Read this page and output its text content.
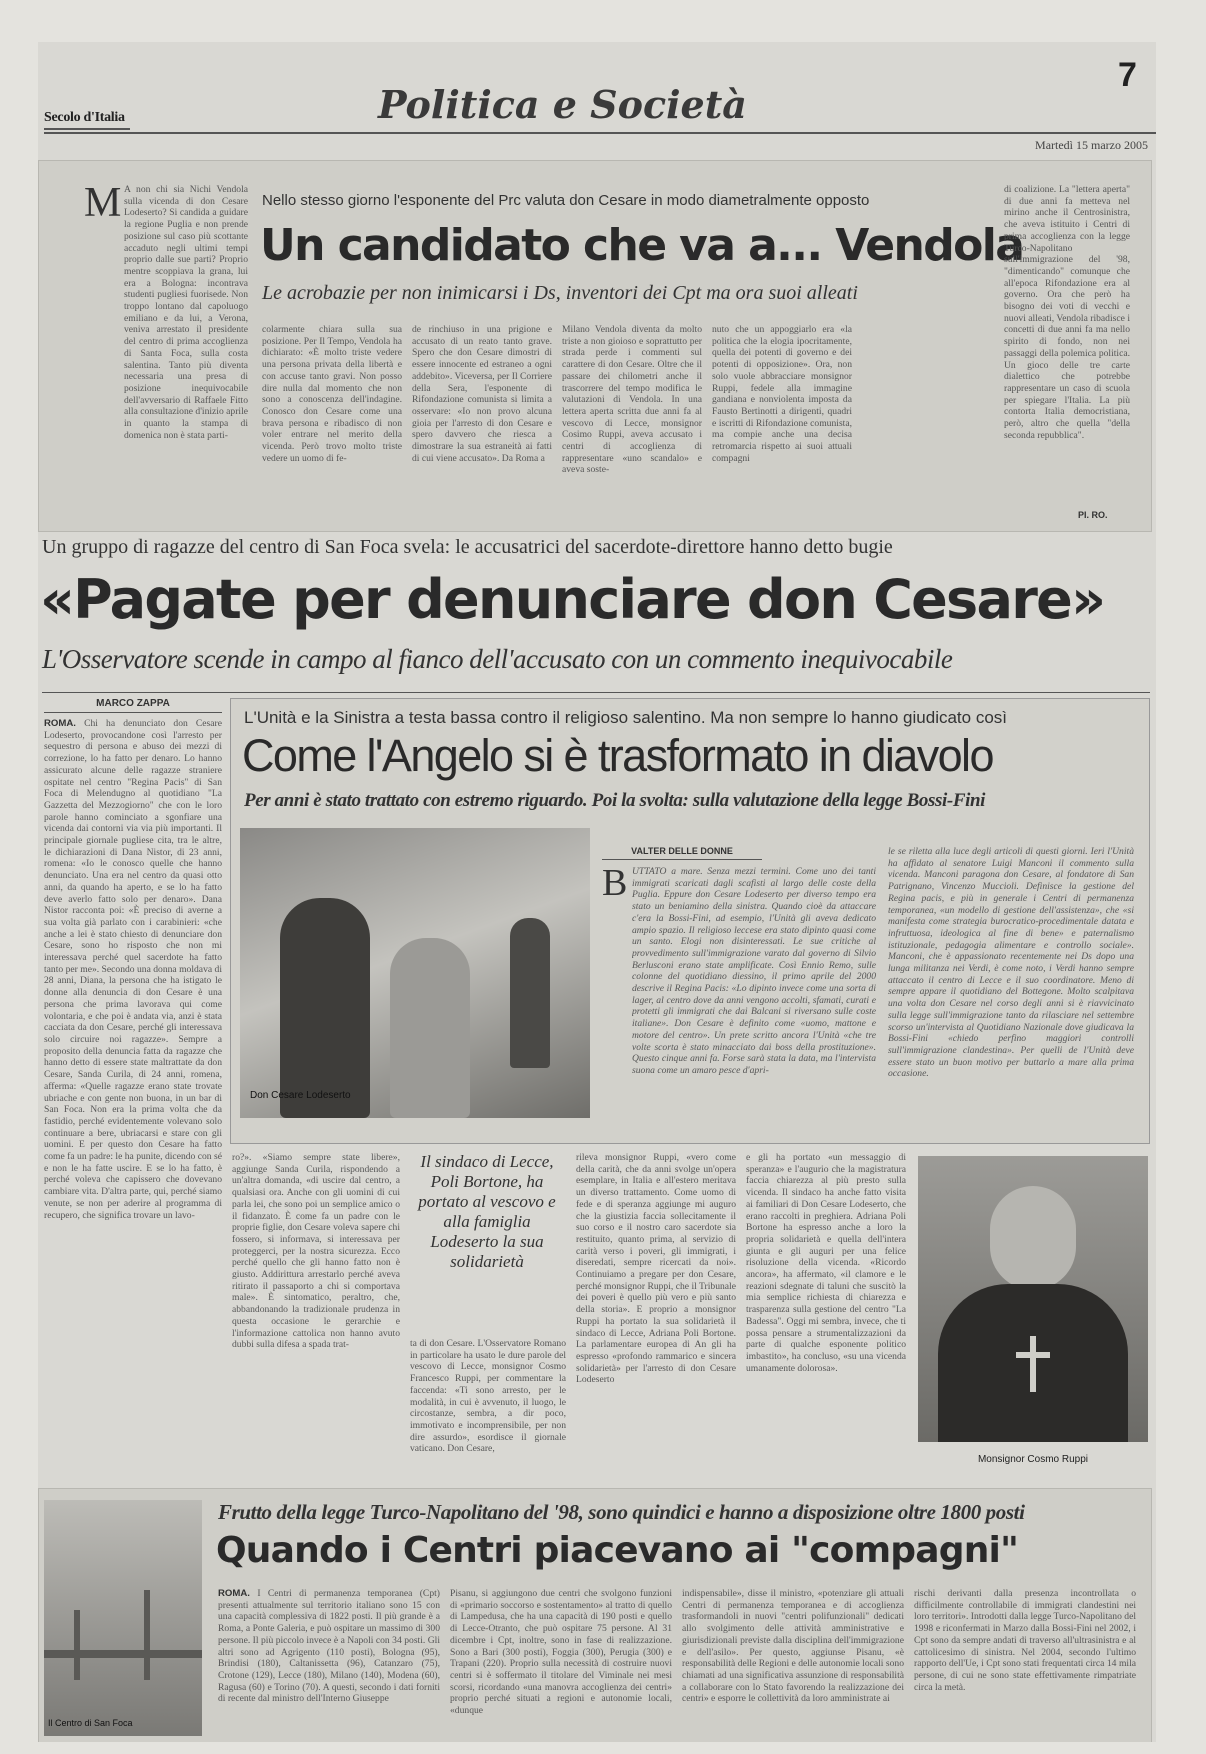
Secolo d'Italia	Politica e Società
7
Martedì 15 marzo 2005
M A non chi sia Nichi Vendola sulla vicenda di don Cesare Lodeserto? Si candida a guidare la regione Puglia e non prende posizione sul caso più scottante accaduto negli ultimi tempi proprio dalle sue parti? Proprio mentre scoppiava la grana, lui era a Bologna: incontrava studenti pugliesi fuorisede. Non troppo lontano dal capoluogo emiliano e da lui, a Verona, veniva arrestato il presidente del centro di prima accoglienza di Santa Foca, sulla costa salentina. Tanto più diventa necessaria una presa di posizione inequivocabile dell'avversario di Raffaele Fitto alla consultazione d'inizio aprile in quanto la stampa di domenica non è stata parti-
Nello stesso giorno l'esponente del Prc valuta don Cesare in modo diametralmente opposto
Un candidato che va a... Vendola
Le acrobazie per non inimicarsi i Ds, inventori dei Cpt ma ora suoi alleati
colarmente chiara sulla sua posizione. Per Il Tempo, Vendola ha dichiarato: «È molto triste vedere una persona privata della libertà e con accuse tanto gravi. Non posso dire nulla dal momento che non sono a conoscenza dell'indagine. Conosco don Cesare come una brava persona e ribadisco di non voler entrare nel merito della vicenda. Però trovo molto triste vedere un uomo di fe-
de rinchiuso in una prigione e accusato di un reato tanto grave. Spero che don Cesare dimostri di essere innocente ed estraneo a ogni addebito». Viceversa, per Il Corriere della Sera, l'esponente di Rifondazione comunista si limita a osservare: «Io non provo alcuna gioia per l'arresto di don Cesare e spero davvero che riesca a dimostrare la sua estraneità ai fatti di cui viene accusato». Da Roma a
Milano Vendola diventa da molto triste a non gioioso e soprattutto per strada perde i commenti sul carattere di don Cesare. Oltre che il passare dei chilometri anche il trascorrere del tempo modifica le valutazioni di Vendola. In una lettera aperta scritta due anni fa al vescovo di Lecce, monsignor Cosimo Ruppi, aveva accusato i centri di accoglienza di rappresentare «uno scandalo» e aveva soste-
nuto che un appoggiarlo era «la politica che la elogia ipocritamente, quella dei potenti di governo e dei potenti di opposizione». Ora, non solo vuole abbracciare monsignor Ruppi, fedele alla immagine gandiana e nonviolenta imposta da Fausto Bertinotti a dirigenti, quadri e iscritti di Rifondazione comunista, ma compie anche una decisa retromarcia rispetto ai suoi attuali compagni
di coalizione. La "lettera aperta" di due anni fa metteva nel mirino anche il Centrosinistra, che aveva istituito i Centri di prima accoglienza con la legge Turco-Napolitano sull'immigrazione del '98, "dimenticando" comunque che all'epoca Rifondazione era al governo. Ora che però ha bisogno dei voti di vecchi e nuovi alleati, Vendola ribadisce i concetti di due anni fa ma nello spirito di fondo, non nei passaggi della polemica politica. Un gioco delle tre carte dialettico che potrebbe rappresentare un caso di scuola per spiegare l'Italia. La più contorta Italia democristiana, però, altro che quella "della seconda repubblica".
PI. RO.
Un gruppo di ragazze del centro di San Foca svela: le accusatrici del sacerdote-direttore hanno detto bugie
«Pagate per denunciare don Cesare»
L'Osservatore scende in campo al fianco dell'accusato con un commento inequivocabile
MARCO ZAPPA
ROMA. Chi ha denunciato don Cesare Lodeserto, provocandone così l'arresto per sequestro di persona e abuso dei mezzi di correzione, lo ha fatto per denaro. Lo hanno assicurato alcune delle ragazze straniere ospitate nel centro "Regina Pacis" di San Foca di Melendugno al quotidiano "La Gazzetta del Mezzogiorno" che con le loro parole hanno cominciato a sgonfiare una vicenda dai contorni via via più importanti. Il principale giornale pugliese cita, tra le altre, le dichiarazioni di Dana Nistor, di 23 anni, romena: «Io le conosco quelle che hanno denunciato. Una era nel centro da quasi otto anni, da quando ha aperto, e se lo ha fatto deve averlo fatto solo per denaro». Dana Nistor racconta poi: «È preciso di averne a sua volta già parlato con i carabinieri: «che anche a lei è stato chiesto di denunciare don Cesare, sono ho risposto che non mi interessava perché quel sacerdote ha fatto tanto per me». Secondo una donna moldava di 28 anni, Diana, la persona che ha istigato le donne alla denuncia di don Cesare è una persona che prima lavorava qui come volontaria, e che poi è andata via, anzi è stata cacciata da don Cesare, perché gli interessava solo circuire noi ragazze». Sempre a proposito della denuncia fatta da ragazze che hanno detto di essere state maltrattate da don Cesare, Sanda Curila, di 24 anni, romena, afferma: «Quelle ragazze erano state trovate ubriache e con gente non buona, in un bar di San Foca. Non era la prima volta che da fastidio, perché evidentemente volevano solo continuare a bere, ubriacarsi e stare con gli uomini. E per questo don Cesare ha fatto come fa un padre: le ha punite, dicendo con sé e non le ha fatte uscire. E se lo ha fatto, è perché voleva che capissero che dovevano cambiare vita. D'altra parte, qui, perché siamo venute, se non per aderire al programma di recupero, che significa trovare un lavo-
L'Unità e la Sinistra a testa bassa contro il religioso salentino. Ma non sempre lo hanno giudicato così
Come l'Angelo si è trasformato in diavolo
Per anni è stato trattato con estremo riguardo. Poi la svolta: sulla valutazione della legge Bossi-Fini
Don Cesare Lodeserto
VALTER DELLE DONNE
B UTTATO a mare. Senza mezzi termini. Come uno dei tanti immigrati scaricati dagli scafisti al largo delle coste della Puglia. Eppure don Cesare Lodeserto per diverso tempo era stato un beniamino della sinistra. Quando cioè da attaccare c'era la Bossi-Fini, ad esempio, l'Unità gli aveva dedicato ampio spazio. Il religioso leccese era stato dipinto quasi come un santo. Elogi non disinteressati. Le sue critiche al provvedimento sull'immigrazione varato dal governo di Silvio Berlusconi erano state amplificate. Così Ennio Remo, sulle colonne del quotidiano diessino, il primo aprile del 2000 descrive il Regina Pacis: «Lo dipinto invece come una sorta di lager, al centro dove da anni vengono accolti, sfamati, curati e protetti gli immigrati che dai Balcani si riversano sulle coste italiane». Don Cesare è definito come «uomo, mattone e motore del centro». Un prete scritto ancora l'Unità «che tre volte scorta è stato minacciato dai boss della prostituzione». Questo cinque anni fa. Forse sarà stata la data, ma l'intervista suona come un amaro pesce d'apri-
le se riletta alla luce degli articoli di questi giorni. Ieri l'Unità ha affidato al senatore Luigi Manconi il commento sulla vicenda. Manconi paragona don Cesare, al fondatore di San Patrignano, Vincenzo Muccioli. Definisce la gestione del Regina pacis, e più in generale i Centri di permanenza temporanea, «un modello di gestione dell'assistenza», che «si manifesta come strategia burocratico-procedimentale datata e infruttuosa, ideologica al fine di bene» e paternalismo istituzionale, pedagogia alimentare e controllo sociale». Manconi, che è appassionato recentemente nei Ds dopo una lunga militanza nei Verdi, è come noto, i Verdi hanno sempre attaccato il centro di Lecce e il suo coordinatore. Meno di sempre appare il quotidiano del Bottegone. Molto scalpitava una volta don Cesare nel corso degli anni si è riavvicinato sulla legge sull'immigrazione tanto da rilasciare nel settembre scorso un'intervista al Quotidiano Nazionale dove giudicava la Bossi-Fini «chiedo perfino maggiori controlli sull'immigrazione clandestina». Per quelli de l'Unità deve essere stato un buon motivo per buttarlo a mare alla prima occasione.
ro?». «Siamo sempre state libere», aggiunge Sanda Curila, rispondendo a un'altra domanda, «di uscire dal centro, a qualsiasi ora. Anche con gli uomini di cui parla lei, che sono poi un semplice amico o il fidanzato. È come fa un padre con le proprie figlie, don Cesare voleva sapere chi fossero, si informava, si interessava per proteggerci, per la nostra sicurezza. Ecco perché quello che gli hanno fatto non è giusto. Addirittura arrestarlo perché aveva ritirato il passaporto a chi si comportava male». È sintomatico, peraltro, che, abbandonando la tradizionale prudenza in questa occasione le gerarchie e l'informazione cattolica non hanno avuto dubbi sulla difesa a spada trat-
Il sindaco di Lecce, Poli Bortone, ha portato al vescovo e alla famiglia Lodeserto la sua solidarietà
ta di don Cesare. L'Osservatore Romano in particolare ha usato le dure parole del vescovo di Lecce, monsignor Cosmo Francesco Ruppi, per commentare la faccenda: «Ti sono arresto, per le modalità, in cui è avvenuto, il luogo, le circostanze, sembra, a dir poco, immotivato e incomprensibile, per non dire assurdo», esordisce il giornale vaticano. Don Cesare,
rileva monsignor Ruppi, «vero come della carità, che da anni svolge un'opera esemplare, in Italia e all'estero meritava un diverso trattamento. Come uomo di fede e di speranza aggiunge mi auguro che la giustizia faccia sollecitamente il suo corso e il nostro caro sacerdote sia restituito, quanto prima, al servizio di carità verso i poveri, gli immigrati, i diseredati, sempre ricercati da noi». Continuiamo a pregare per don Cesare, perché monsignor Ruppi, che il Tribunale dei poveri è quello più vero e più santo della storia». E proprio a monsignor Ruppi ha portato la sua solidarietà il sindaco di Lecce, Adriana Poli Bortone. La parlamentare europea di An gli ha espresso «profondo rammarico e sincera solidarietà» per l'arresto di don Cesare Lodeserto
e gli ha portato «un messaggio di speranza» e l'augurio che la magistratura faccia chiarezza al più presto sulla vicenda. Il sindaco ha anche fatto visita ai familiari di Don Cesare Lodeserto, che erano raccolti in preghiera. Adriana Poli Bortone ha espresso anche a loro la propria solidarietà e quella dell'intera giunta e gli auguri per una felice risoluzione della vicenda. «Ricordo ancora», ha affermato, «il clamore e le reazioni sdegnate di taluni che suscitò la mia semplice richiesta di chiarezza e trasparenza sulla gestione del centro "La Badessa". Oggi mi sembra, invece, che ti possa pensare a strumentalizzazioni da parte di qualche esponente politico imbastito», ha concluso, «su una vicenda umanamente dolorosa».
Monsignor Cosmo Ruppi
Il Centro di San Foca
Frutto della legge Turco-Napolitano del '98, sono quindici e hanno a disposizione oltre 1800 posti
Quando i Centri piacevano ai "compagni"
ROMA. I Centri di permanenza temporanea (Cpt) presenti attualmente sul territorio italiano sono 15 con una capacità complessiva di 1822 posti. Il più grande è a Roma, a Ponte Galeria, e può ospitare un massimo di 300 persone. Il più piccolo invece è a Napoli con 34 posti. Gli altri sono ad Agrigento (110 posti), Bologna (95), Brindisi (180), Caltanissetta (96), Catanzaro (75), Crotone (129), Lecce (180), Milano (140), Modena (60), Ragusa (60) e Torino (70). A questi, secondo i dati forniti di recente dal ministro dell'Interno Giuseppe
Pisanu, si aggiungono due centri che svolgono funzioni di «primario soccorso e sostentamento» al tratto di quello di Lampedusa, che ha una capacità di 190 posti e quello di Lecce-Otranto, che può ospitare 75 persone. Al 31 dicembre i Cpt, inoltre, sono in fase di realizzazione. Sono a Bari (300 posti), Foggia (300), Perugia (300) e Trapani (220). Proprio sulla necessità di costruire nuovi centri si è soffermato il titolare del Viminale nei mesi scorsi, ricordando «una manovra accoglienza dei centri» proprio perché situati a regioni e autonomie locali, «dunque
indispensabile», disse il ministro, «potenziare gli attuali Centri di permanenza temporanea e di accoglienza trasformandoli in nuovi "centri polifunzionali" dedicati allo svolgimento delle attività amministrative e giurisdizionali previste dalla disciplina dell'immigrazione e dell'asilo». Per questo, aggiunse Pisanu, «è responsabilità delle Regioni e delle autonomie locali sono chiamati ad una significativa assunzione di responsabilità a collaborare con lo Stato favorendo la realizzazione dei centri» e esporre le collettività da loro amministrate ai
rischi derivanti dalla presenza incontrollata o difficilmente controllabile di immigrati clandestini nei loro territori». Introdotti dalla legge Turco-Napolitano del 1998 e riconfermati in Marzo dalla Bossi-Fini nel 2002, i Cpt sono da sempre andati di traverso all'ultrasinistra e al cattolicesimo di sinistra. Nel 2004, secondo l'ultimo rapporto dell'Ue, i Cpt sono stati frequentati circa 14 mila persone, di cui ne sono state effettivamente rimpatriate circa la metà.
